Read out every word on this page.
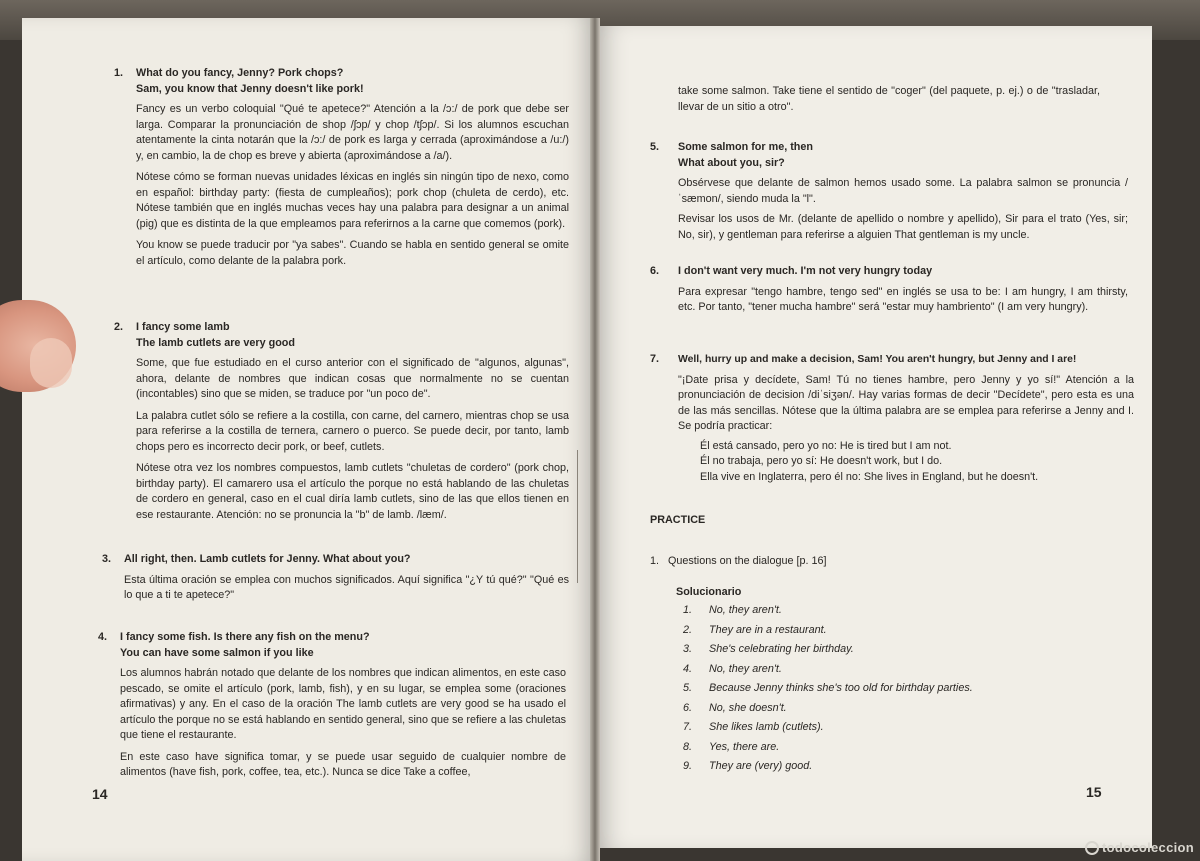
1. What do you fancy, Jenny? Pork chops?
Sam, you know that Jenny doesn't like pork!
Fancy es un verbo coloquial "Qué te apetece?" Atención a la /ɔ:/ de pork que debe ser larga. Comparar la pronunciación de shop /ʃɔp/ y chop /tʃɔp/. Si los alumnos escuchan atentamente la cinta notarán que la /ɔ:/ de pork es larga y cerrada (aproximándose a /u:/) y, en cambio, la de chop es breve y abierta (aproximándose a /a/).
Nótese cómo se forman nuevas unidades léxicas en inglés sin ningún tipo de nexo, como en español: birthday party: (fiesta de cumpleaños); pork chop (chuleta de cerdo), etc. Nótese también que en inglés muchas veces hay una palabra para designar a un animal (pig) que es distinta de la que empleamos para referirnos a la carne que comemos (pork).
You know se puede traducir por "ya sabes". Cuando se habla en sentido general se omite el artículo, como delante de la palabra pork.
2. I fancy some lamb
The lamb cutlets are very good
Some, que fue estudiado en el curso anterior con el significado de "algunos, algunas", ahora, delante de nombres que indican cosas que normalmente no se cuentan (incontables) sino que se miden, se traduce por "un poco de".
La palabra cutlet sólo se refiere a la costilla, con carne, del carnero, mientras chop se usa para referirse a la costilla de ternera, carnero o puerco. Se puede decir, por tanto, lamb chops pero es incorrecto decir pork, or beef, cutlets.
Nótese otra vez los nombres compuestos, lamb cutlets "chuletas de cordero" (pork chop, birthday party). El camarero usa el artículo the porque no está hablando de las chuletas de cordero en general, caso en el cual diría lamb cutlets, sino de las que ellos tienen en ese restaurante. Atención: no se pronuncia la "b" de lamb. /læm/.
3. All right, then. Lamb cutlets for Jenny. What about you?
Esta última oración se emplea con muchos significados. Aquí significa "¿Y tú qué?" "Qué es lo que a ti te apetece?"
4. I fancy some fish. Is there any fish on the menu?
You can have some salmon if you like
Los alumnos habrán notado que delante de los nombres que indican alimentos, en este caso pescado, se omite el artículo (pork, lamb, fish), y en su lugar, se emplea some (oraciones afirmativas) y any. En el caso de la oración The lamb cutlets are very good se ha usado el artículo the porque no se está hablando en sentido general, sino que se refiere a las chuletas que tiene el restaurante.
En este caso have significa tomar, y se puede usar seguido de cualquier nombre de alimentos (have fish, pork, coffee, tea, etc.). Nunca se dice Take a coffee,
14
take some salmon. Take tiene el sentido de "coger" (del paquete, p. ej.) o de "trasladar, llevar de un sitio a otro".
5. Some salmon for me, then
What about you, sir?
Obsérvese que delante de salmon hemos usado some. La palabra salmon se pronuncia /ˈsæmon/, siendo muda la "l".
Revisar los usos de Mr. (delante de apellido o nombre y apellido), Sir para el trato (Yes, sir; No, sir), y gentleman para referirse a alguien That gentleman is my uncle.
6. I don't want very much. I'm not very hungry today
Para expresar "tengo hambre, tengo sed" en inglés se usa to be: I am hungry, I am thirsty, etc. Por tanto, "tener mucha hambre" será "estar muy hambriento" (I am very hungry).
7. Well, hurry up and make a decision, Sam! You aren't hungry, but Jenny and I are!
"¡Date prisa y decídete, Sam! Tú no tienes hambre, pero Jenny y yo sí!" Atención a la pronunciación de decision /diˈsiʒən/. Hay varias formas de decir "Decídete", pero esta es una de las más sencillas. Nótese que la última palabra are se emplea para referirse a Jenny and I. Se podría practicar:
Él está cansado, pero yo no: He is tired but I am not.
Él no trabaja, pero yo sí: He doesn't work, but I do.
Ella vive en Inglaterra, pero él no: She lives in England, but he doesn't.
PRACTICE
1.   Questions on the dialogue [p. 16]
Solucionario
1. No, they aren't.
2. They are in a restaurant.
3. She's celebrating her birthday.
4. No, they aren't.
5. Because Jenny thinks she's too old for birthday parties.
6. No, she doesn't.
7. She likes lamb (cutlets).
8. Yes, there are.
9. They are (very) good.
15
todocoleccion
